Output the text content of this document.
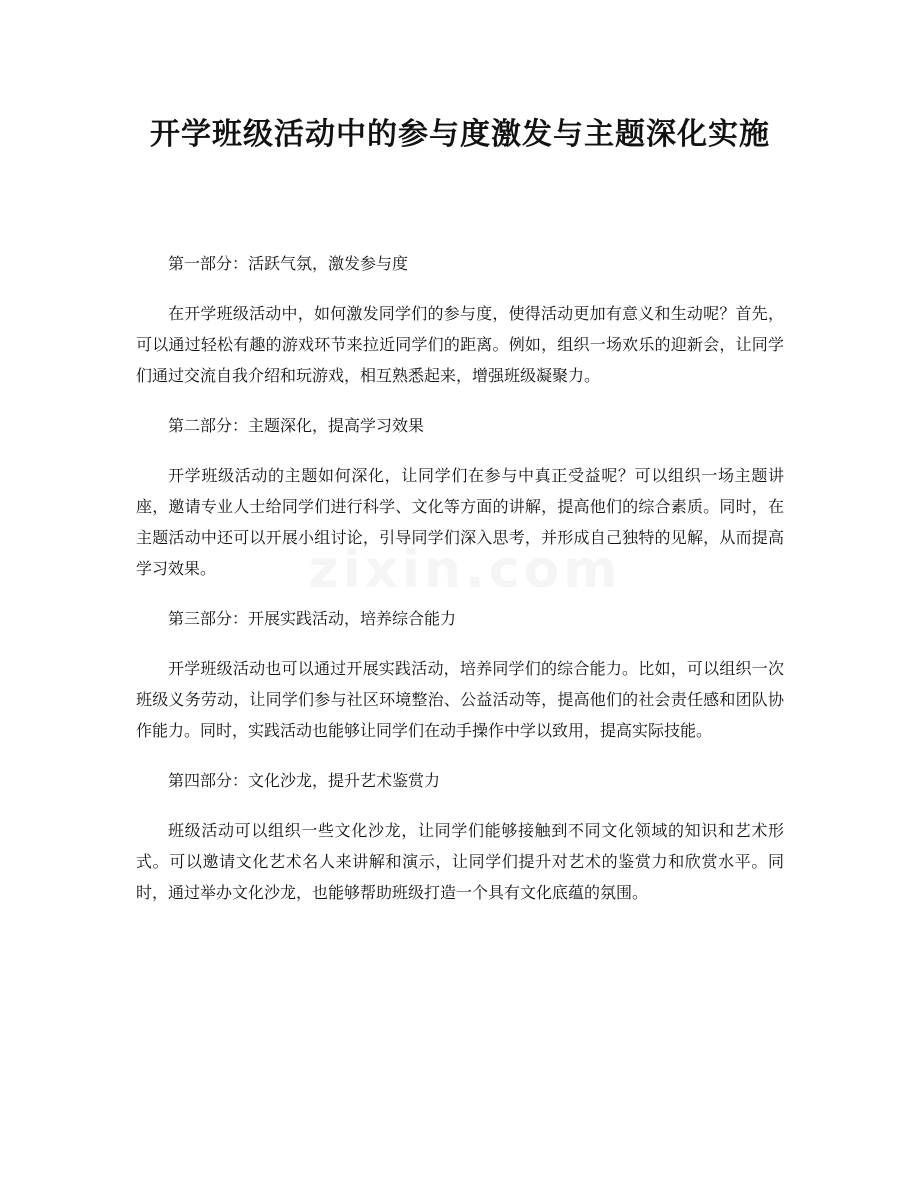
开学班级活动中的参与度激发与主题深化实施
zixin.com

第一部分：活跃气氛，激发参与度

在开学班级活动中，如何激发同学们的参与度，使得活动更加有意义和生动呢？首先，可以通过轻松有趣的游戏环节来拉近同学们的距离。例如，组织一场欢乐的迎新会，让同学们通过交流自我介绍和玩游戏，相互熟悉起来，增强班级凝聚力。

第二部分：主题深化，提高学习效果

开学班级活动的主题如何深化，让同学们在参与中真正受益呢？可以组织一场主题讲座，邀请专业人士给同学们进行科学、文化等方面的讲解，提高他们的综合素质。同时，在主题活动中还可以开展小组讨论，引导同学们深入思考，并形成自己独特的见解，从而提高学习效果。

第三部分：开展实践活动，培养综合能力

开学班级活动也可以通过开展实践活动，培养同学们的综合能力。比如，可以组织一次班级义务劳动，让同学们参与社区环境整治、公益活动等，提高他们的社会责任感和团队协作能力。同时，实践活动也能够让同学们在动手操作中学以致用，提高实际技能。

第四部分：文化沙龙，提升艺术鉴赏力

班级活动可以组织一些文化沙龙，让同学们能够接触到不同文化领域的知识和艺术形式。可以邀请文化艺术名人来讲解和演示，让同学们提升对艺术的鉴赏力和欣赏水平。同时，通过举办文化沙龙，也能够帮助班级打造一个具有文化底蕴的氛围。
